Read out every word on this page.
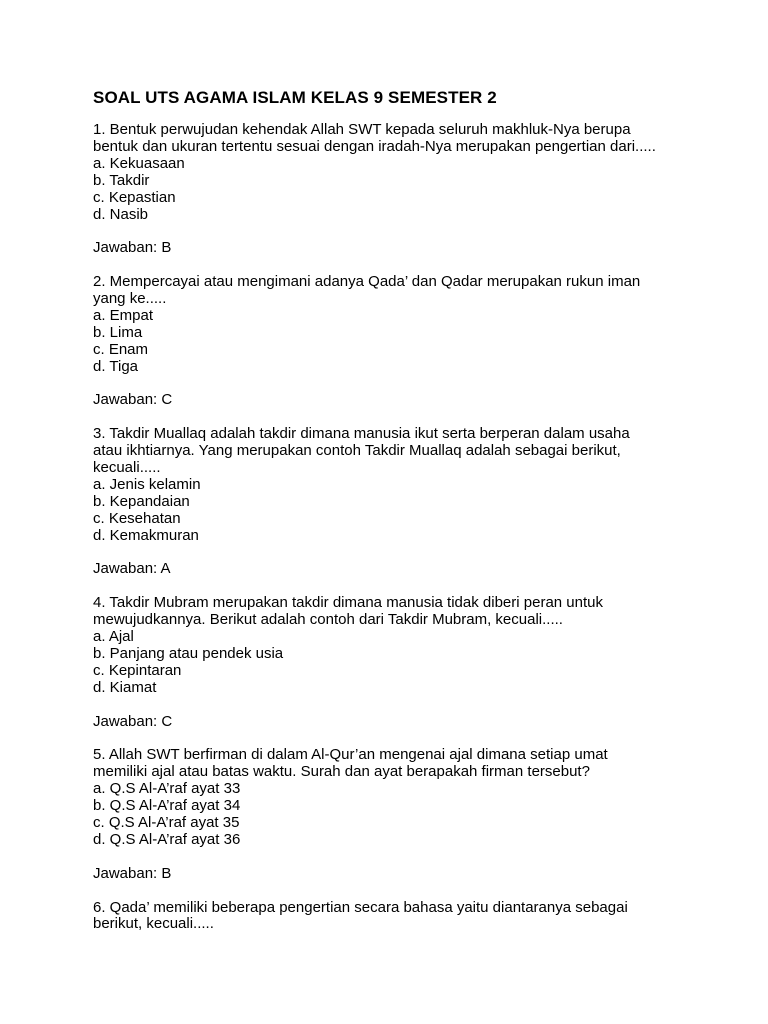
SOAL UTS AGAMA ISLAM KELAS 9 SEMESTER 2
1. Bentuk perwujudan kehendak Allah SWT kepada seluruh makhluk-Nya berupa
bentuk dan ukuran tertentu sesuai dengan iradah-Nya merupakan pengertian dari.....
a. Kekuasaan
b. Takdir
c. Kepastian
d. Nasib
Jawaban: B
2. Mempercayai atau mengimani adanya Qada’ dan Qadar merupakan rukun iman
yang ke.....
a. Empat
b. Lima
c. Enam
d. Tiga
Jawaban: C
3. Takdir Muallaq adalah takdir dimana manusia ikut serta berperan dalam usaha
atau ikhtiarnya. Yang merupakan contoh Takdir Muallaq adalah sebagai berikut,
kecuali.....
a. Jenis kelamin
b. Kepandaian
c. Kesehatan
d. Kemakmuran
Jawaban: A
4. Takdir Mubram merupakan takdir dimana manusia tidak diberi peran untuk
mewujudkannya. Berikut adalah contoh dari Takdir Mubram, kecuali.....
a. Ajal
b. Panjang atau pendek usia
c. Kepintaran
d. Kiamat
Jawaban: C
5. Allah SWT berfirman di dalam Al-Qur’an mengenai ajal dimana setiap umat
memiliki ajal atau batas waktu. Surah dan ayat berapakah firman tersebut?
a. Q.S Al-A’raf ayat 33
b. Q.S Al-A’raf ayat 34
c. Q.S Al-A’raf ayat 35
d. Q.S Al-A’raf ayat 36
Jawaban: B
6. Qada’ memiliki beberapa pengertian secara bahasa yaitu diantaranya sebagai
berikut, kecuali.....
